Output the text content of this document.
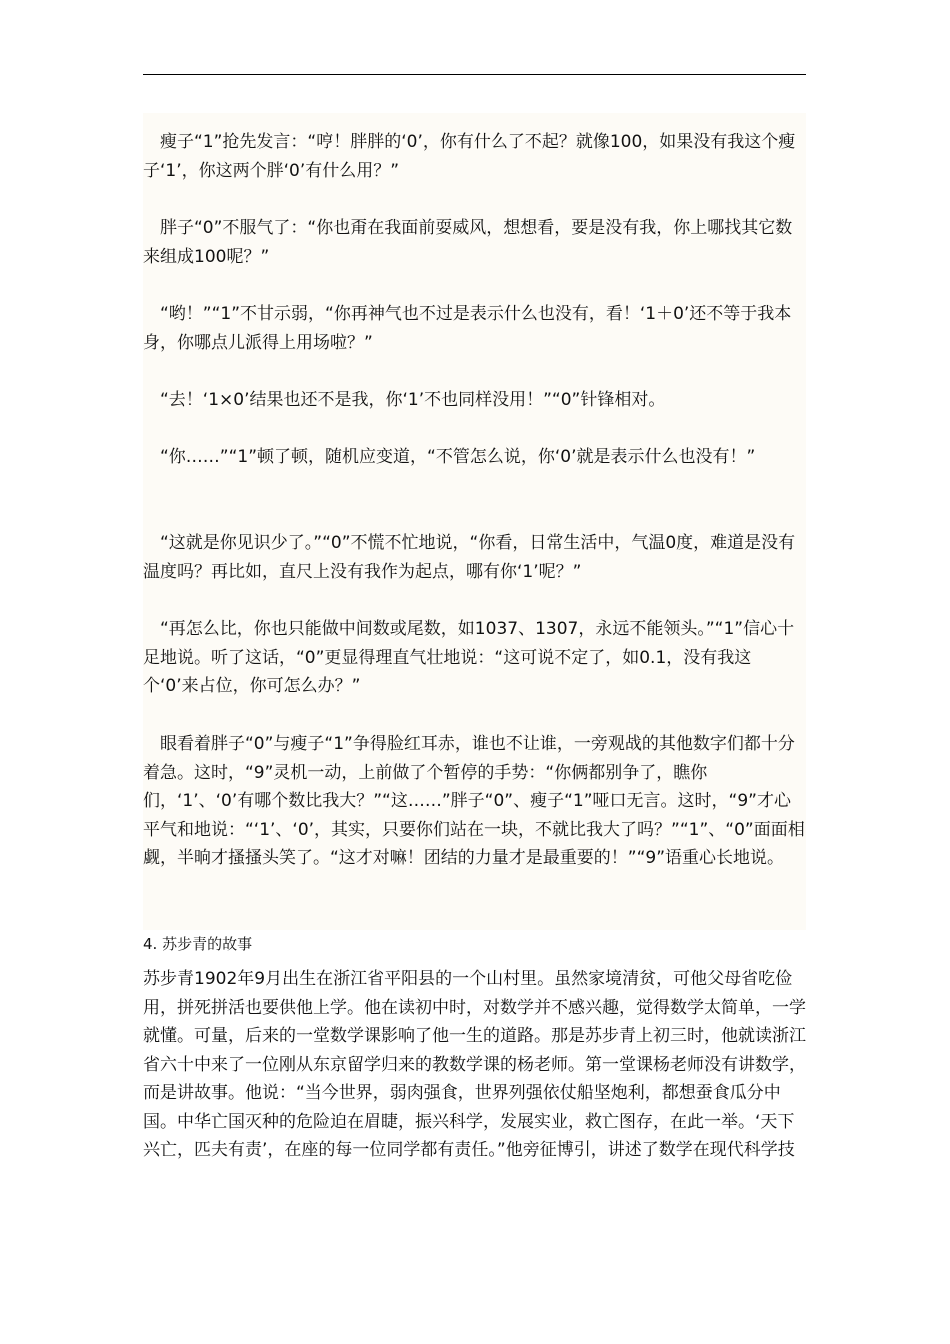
　瘦子“1”抢先发言：“哼！胖胖的‘0’，你有什么了不起？就像100，如果没有我这个瘦子‘1’，你这两个胖‘0’有什么用？”

　胖子“0”不服气了：“你也甭在我面前耍威风，想想看，要是没有我，你上哪找其它数来组成100呢？”

　“哟！”“1”不甘示弱，“你再神气也不过是表示什么也没有，看！‘1＋0’还不等于我本身，你哪点儿派得上用场啦？”

　“去！‘1×0’结果也还不是我，你‘1’不也同样没用！”“0”针锋相对。

　“你……”“1”顿了顿，随机应变道，“不管怎么说，你‘0’就是表示什么也没有！”

　“这就是你见识少了。”“0”不慌不忙地说，“你看，日常生活中，气温0度，难道是没有温度吗？再比如，直尺上没有我作为起点，哪有你‘1’呢？”

　“再怎么比，你也只能做中间数或尾数，如1037、1307，永远不能领头。”“1”信心十足地说。听了这话，“0”更显得理直气壮地说：“这可说不定了，如0.1，没有我这个‘0’来占位，你可怎么办？”

　眼看着胖子“0”与瘦子“1”争得脸红耳赤，谁也不让谁，一旁观战的其他数字们都十分着急。这时，“9”灵机一动，上前做了个暂停的手势：“你俩都别争了，瞧你们，‘1’、‘0’有哪个数比我大？”“这……”胖子“0”、瘦子“1”哑口无言。这时，“9”才心平气和地说：“‘1’、‘0’，其实，只要你们站在一块，不就比我大了吗？”“1”、“0”面面相觑，半晌才搔搔头笑了。“这才对嘛！团结的力量才是最重要的！”“9”语重心长地说。

4. 苏步青的故事

苏步青1902年9月出生在浙江省平阳县的一个山村里。虽然家境清贫，可他父母省吃俭用，拼死拼活也要供他上学。他在读初中时，对数学并不感兴趣，觉得数学太简单，一学就懂。可量，后来的一堂数学课影响了他一生的道路。那是苏步青上初三时，他就读浙江省六十中来了一位刚从东京留学归来的教数学课的杨老师。第一堂课杨老师没有讲数学，而是讲故事。他说：“当今世界，弱肉强食，世界列强依仗船坚炮利，都想蚕食瓜分中国。中华亡国灭种的危险迫在眉睫，振兴科学，发展实业，救亡图存，在此一举。‘天下兴亡，匹夫有责’，在座的每一位同学都有责任。”他旁征博引，讲述了数学在现代科学技
